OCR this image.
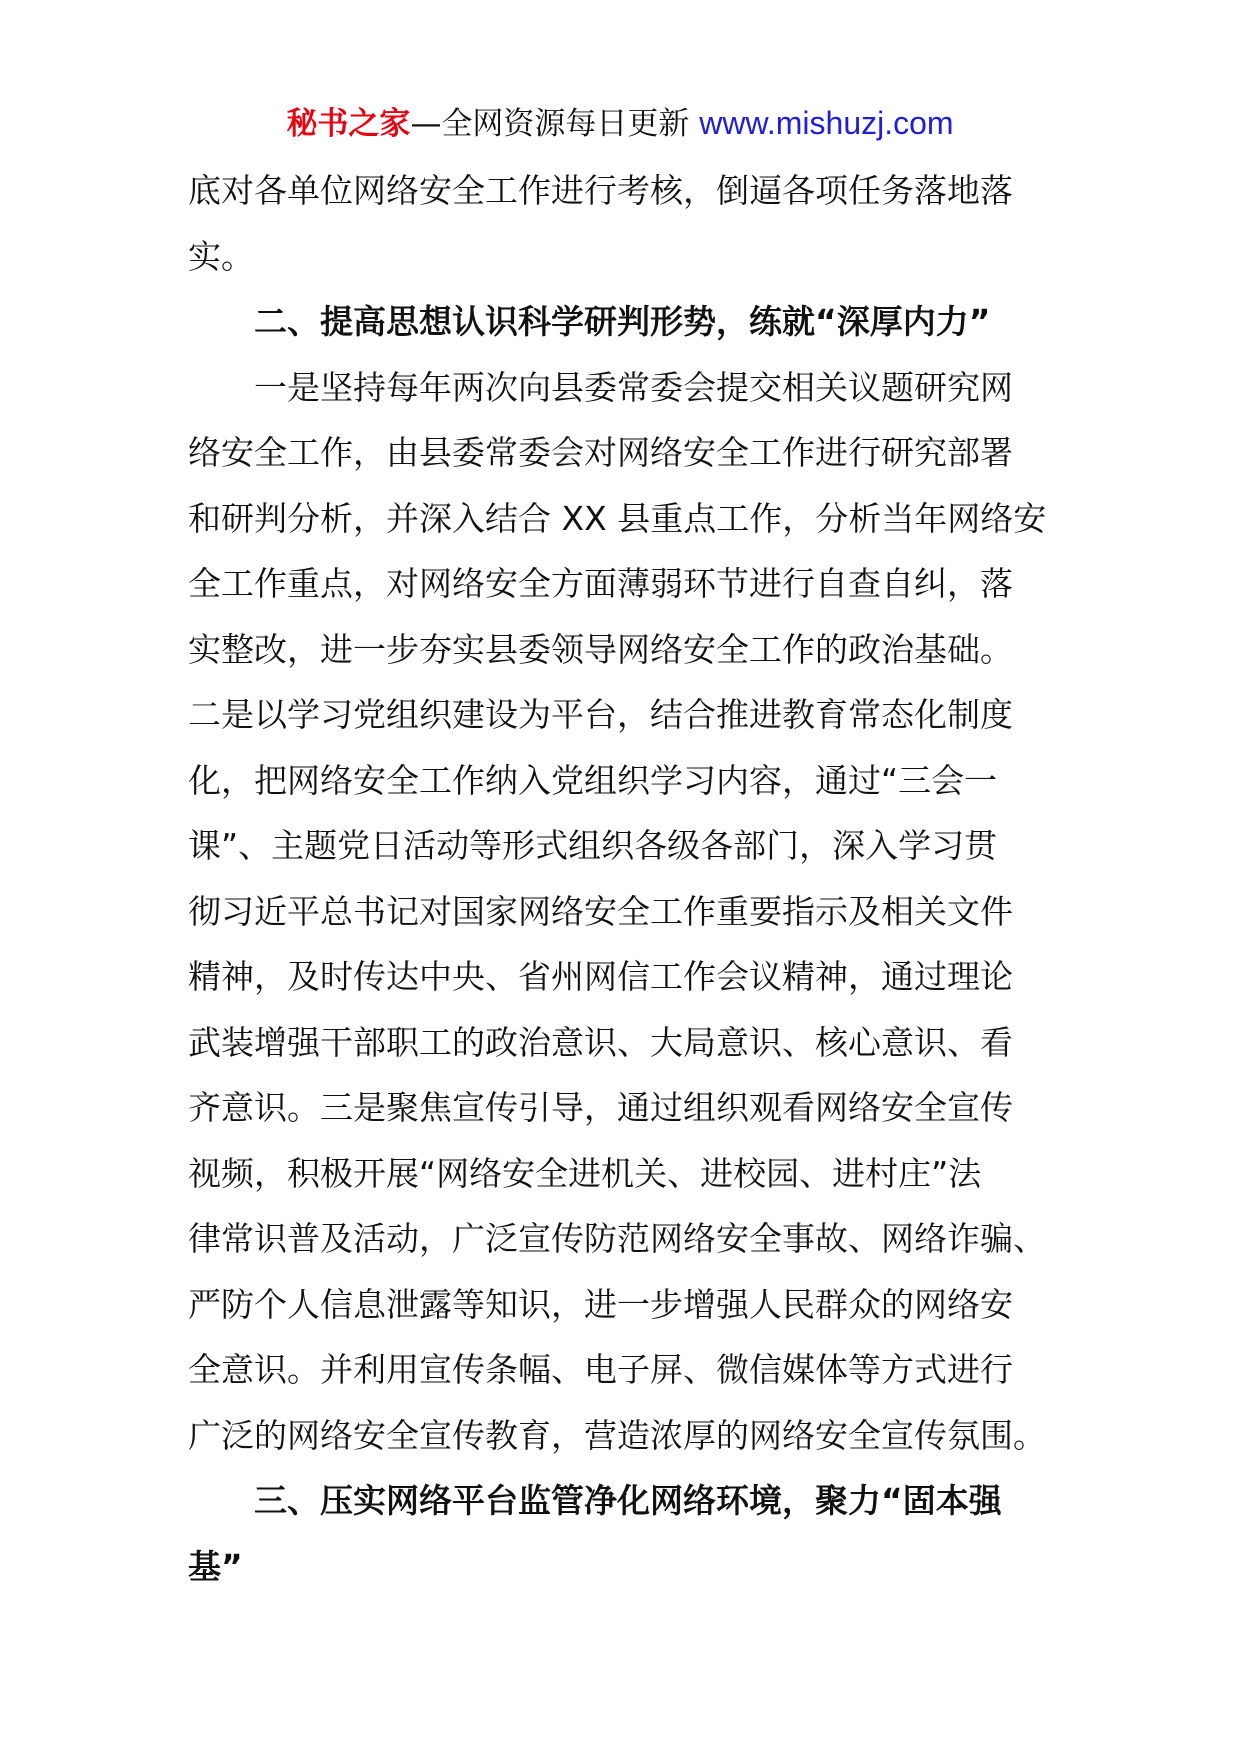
秘书之家—全网资源每日更新 www.mishuzj.com
底对各单位网络安全工作进行考核，倒逼各项任务落地落
实。
二、提高思想认识科学研判形势，练就“深厚内力”
一是坚持每年两次向县委常委会提交相关议题研究网
络安全工作，由县委常委会对网络安全工作进行研究部署
和研判分析，并深入结合 XX 县重点工作，分析当年网络安
全工作重点，对网络安全方面薄弱环节进行自查自纠，落
实整改，进一步夯实县委领导网络安全工作的政治基础。
二是以学习党组织建设为平台，结合推进教育常态化制度
化，把网络安全工作纳入党组织学习内容，通过“三会一
课”、主题党日活动等形式组织各级各部门，深入学习贯
彻习近平总书记对国家网络安全工作重要指示及相关文件
精神，及时传达中央、省州网信工作会议精神，通过理论
武装增强干部职工的政治意识、大局意识、核心意识、看
齐意识。三是聚焦宣传引导，通过组织观看网络安全宣传
视频，积极开展“网络安全进机关、进校园、进村庄”法
律常识普及活动，广泛宣传防范网络安全事故、网络诈骗、
严防个人信息泄露等知识，进一步增强人民群众的网络安
全意识。并利用宣传条幅、电子屏、微信媒体等方式进行
广泛的网络安全宣传教育，营造浓厚的网络安全宣传氛围。
三、压实网络平台监管净化网络环境，聚力“固本强
基”
